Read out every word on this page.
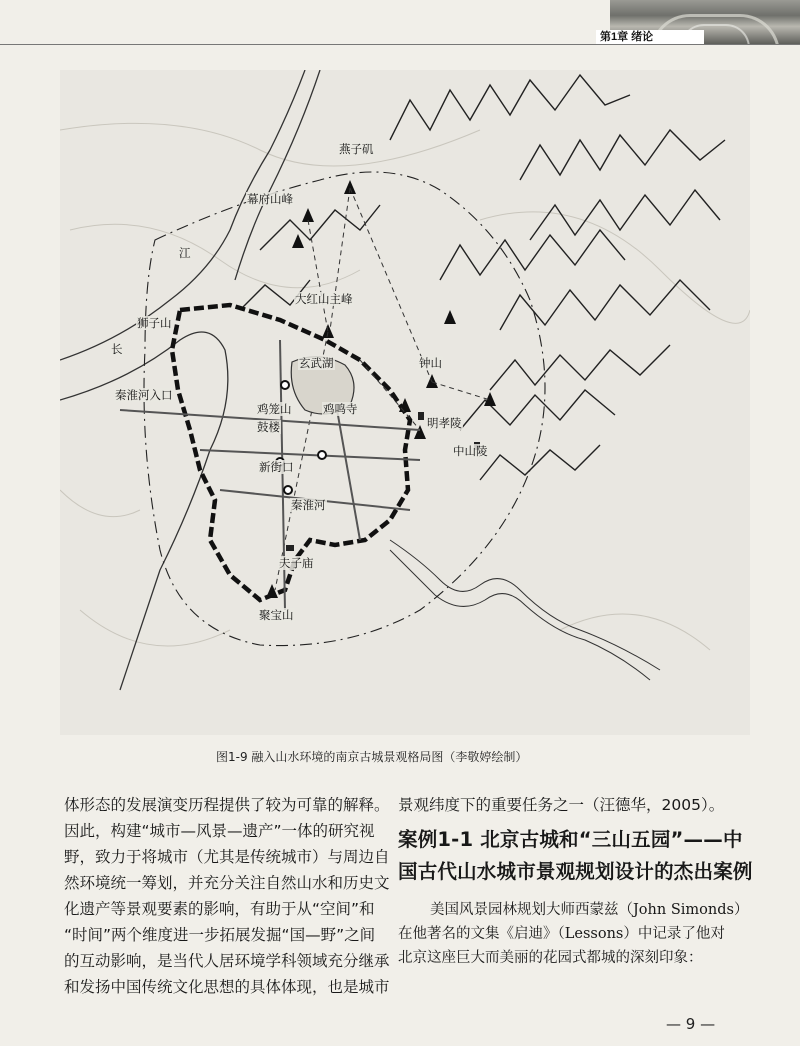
第1章 绪论
燕子矶
幕府山峰
江
大红山主峰
狮子山
长
玄武湖	钟山
秦淮河入口
鸡笼山	鸡鸣寺
鼓楼	明孝陵
中山陵
新街口
秦淮河
夫子庙
聚宝山
图1-9 融入山水环境的南京古城景观格局图（李敬婷绘制）

体形态的发展演变历程提供了较为可靠的解释。

因此，构建“城市—风景—遗产”一体的研究视

野，致力于将城市（尤其是传统城市）与周边自

然环境统一筹划，并充分关注自然山水和历史文

化遗产等景观要素的影响，有助于从“空间”和

“时间”两个维度进一步拓展发掘“国—野”之间

的互动影响，是当代人居环境学科领域充分继承

和发扬中国传统文化思想的具体体现，也是城市

景观纬度下的重要任务之一（汪德华，2005）。

案例1-1 北京古城和“三山五园”——中

国古代山水城市景观规划设计的杰出案例

美国风景园林规划大师西蒙兹（John Simonds）

在他著名的文集《启迪》（Lessons）中记录了他对

北京这座巨大而美丽的花园式都城的深刻印象：

— 9 —
